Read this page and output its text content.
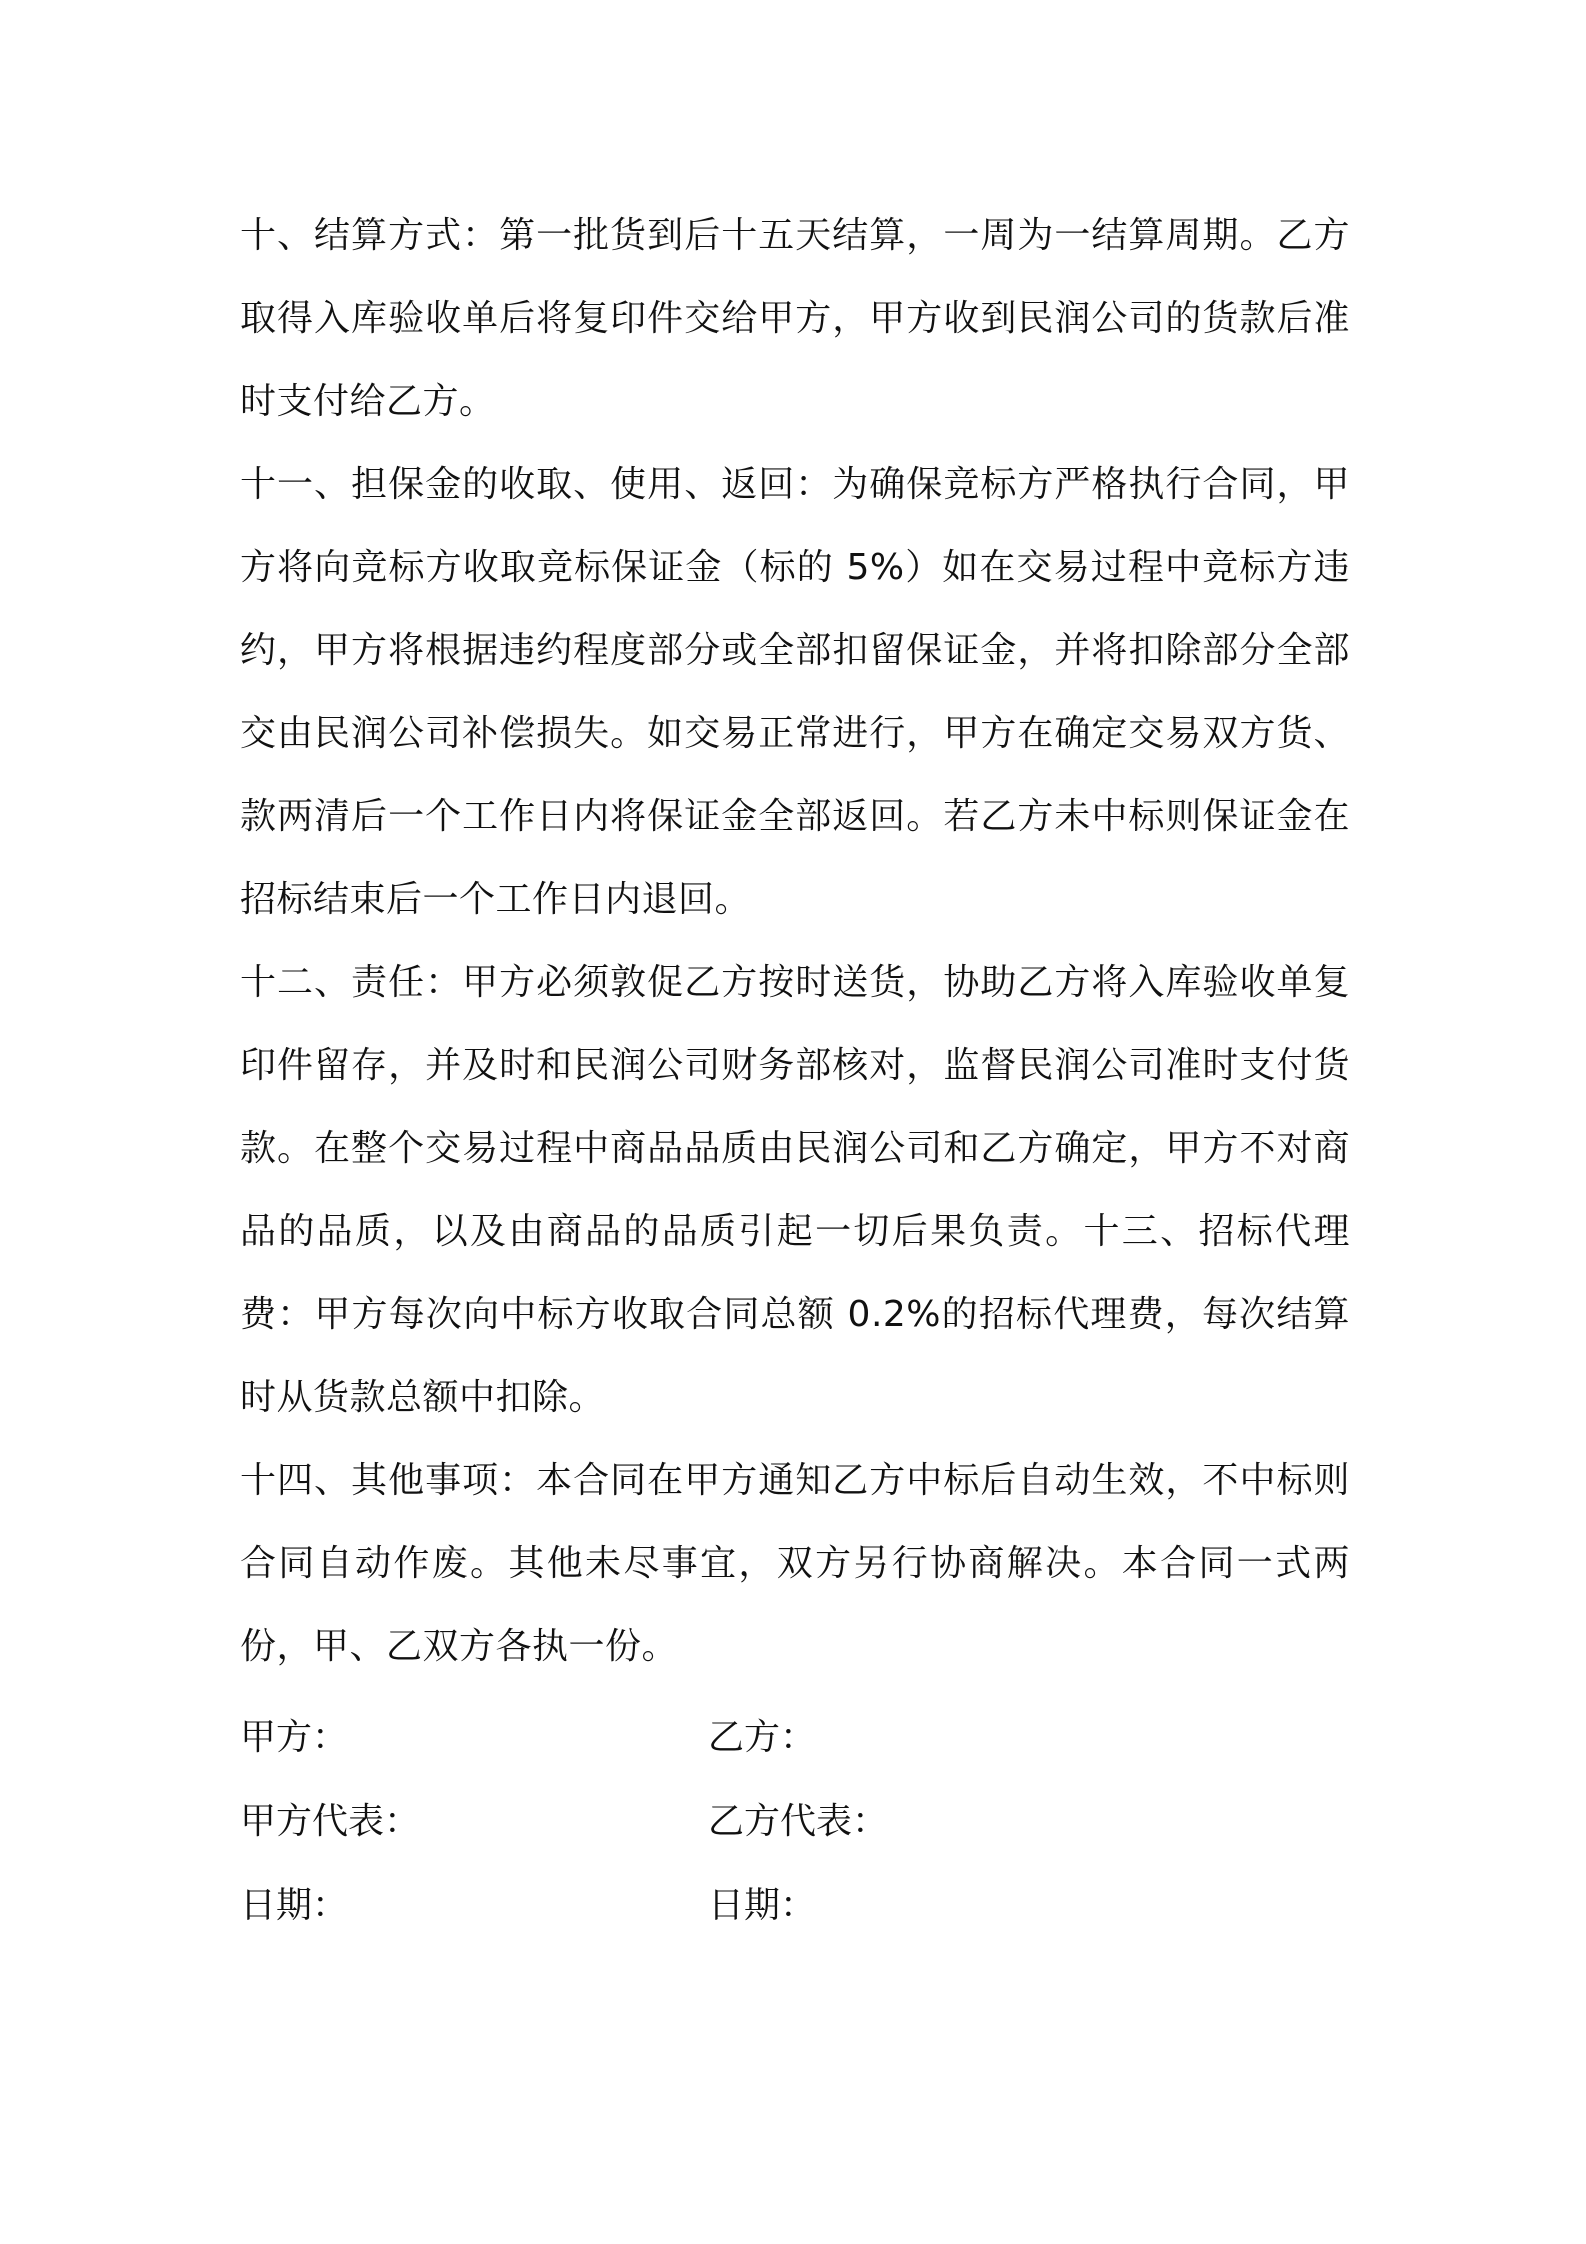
十、结算方式：第一批货到后十五天结算，一周为一结算周期。乙方取得入库验收单后将复印件交给甲方，甲方收到民润公司的货款后准时支付给乙方。

十一、担保金的收取、使用、返回：为确保竞标方严格执行合同，甲方将向竞标方收取竞标保证金（标的 5%）如在交易过程中竞标方违约，甲方将根据违约程度部分或全部扣留保证金，并将扣除部分全部交由民润公司补偿损失。如交易正常进行，甲方在确定交易双方货、款两清后一个工作日内将保证金全部返回。若乙方未中标则保证金在招标结束后一个工作日内退回。

十二、责任：甲方必须敦促乙方按时送货，协助乙方将入库验收单复印件留存，并及时和民润公司财务部核对，监督民润公司准时支付货款。在整个交易过程中商品品质由民润公司和乙方确定，甲方不对商品的品质，以及由商品的品质引起一切后果负责。十三、招标代理费：甲方每次向中标方收取合同总额 0.2%的招标代理费，每次结算时从货款总额中扣除。

十四、其他事项：本合同在甲方通知乙方中标后自动生效，不中标则合同自动作废。其他未尽事宜，双方另行协商解决。本合同一式两份，甲、乙双方各执一份。

甲方：	乙方：
甲方代表：	乙方代表：
日期：	日期：
